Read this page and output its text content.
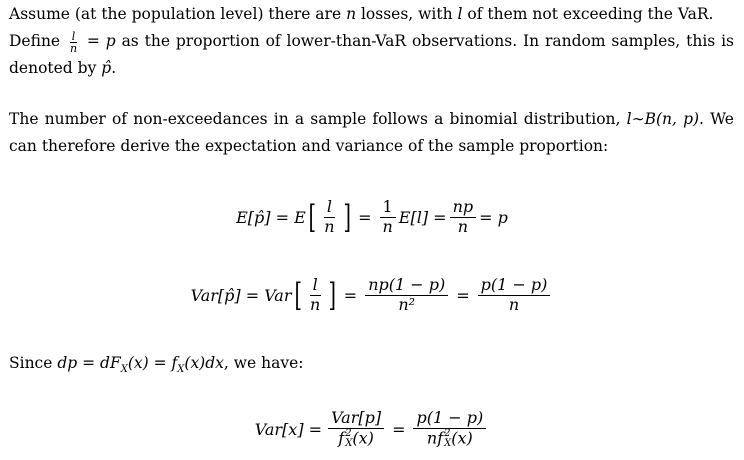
Assume (at the population level) there are n losses, with l of them not exceeding the VaR.
Define $\frac{l}{n} = p$ as the proportion of lower-than-VaR observations. In random samples, this is denoted by p̂.

The number of non-exceedances in a sample follows a binomial distribution, l∼B(n, p). We can therefore derive the expectation and variance of the sample proportion:

E[p̂] = E [ $\frac{l}{n}$ ] = $\frac{1}{n} E[l] = \frac{np}{n} = p$
Var[p̂] = Var [ $\frac{l}{n}$ ] = $\frac{np(1 - p)}{\text{n²}} = \frac{p(1 - p)}{n}$

Since dp = $dF_X(x) = f_X(x)dx$, we have:

Var[x] = Var[p]
f 2
X (x) = p(1 − p)
nf 2
X (x)
